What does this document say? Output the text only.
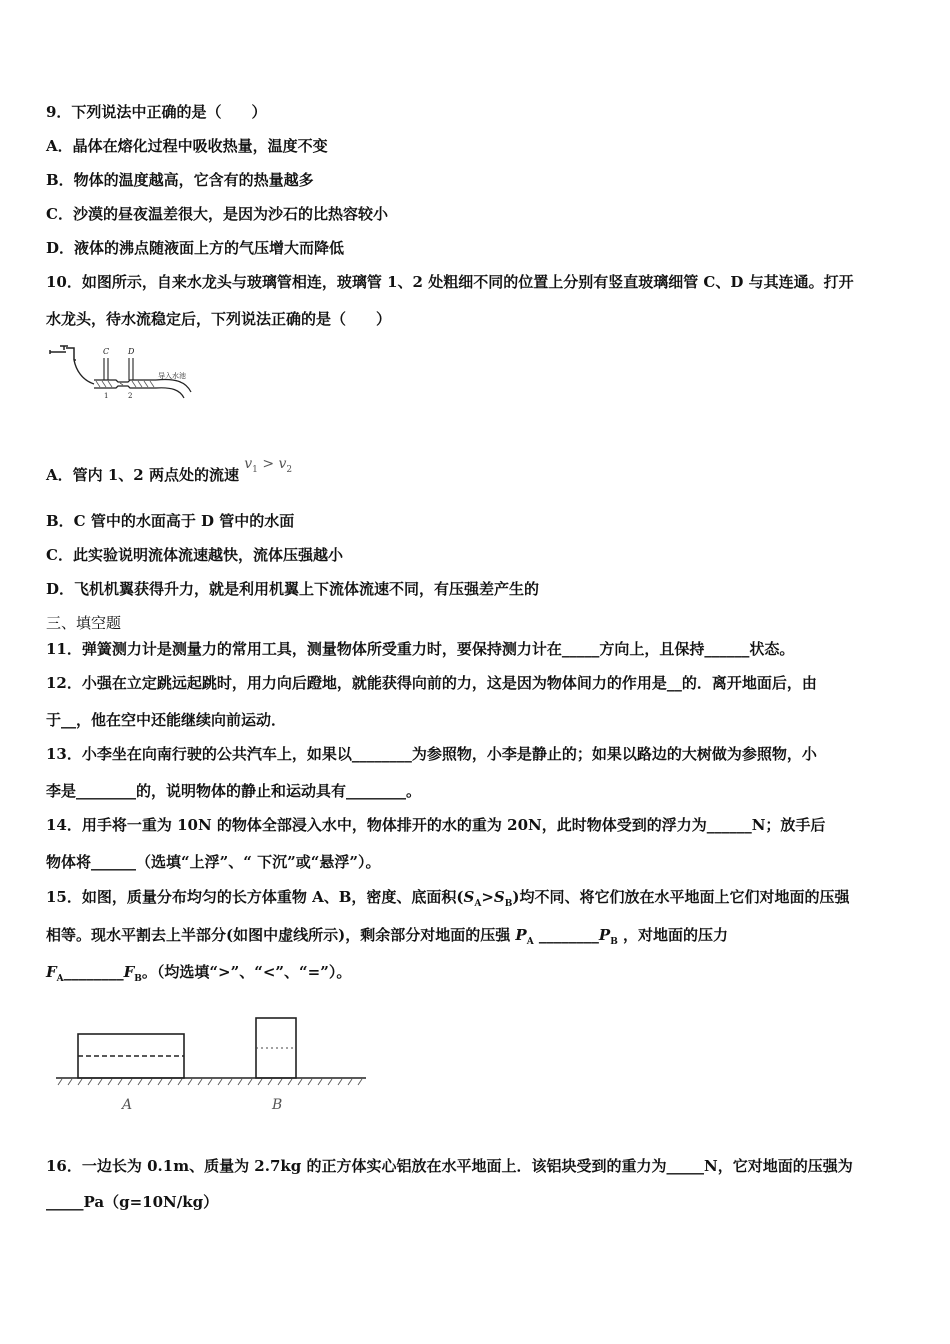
9．下列说法中正确的是（　　）
A．晶体在熔化过程中吸收热量，温度不变
B．物体的温度越高，它含有的热量越多
C．沙漠的昼夜温差很大，是因为沙石的比热容较小
D．液体的沸点随液面上方的气压增大而降低
10．如图所示，自来水龙头与玻璃管相连，玻璃管 1、2 处粗细不同的位置上分别有竖直玻璃细管 C、D 与其连通。打开
水龙头，待水流稳定后，下列说法正确的是（　　）
C D
1	2
导入水池
A．管内 1、2 两点处的流速 $v_1 > v_2$
B．C 管中的水面高于 D 管中的水面
C．此实验说明流体流速越快，流体压强越小
D．飞机机翼获得升力，就是利用机翼上下流体流速不同，有压强差产生的
三、填空题
11．弹簧测力计是测量力的常用工具，测量物体所受重力时，要保持测力计在_____方向上，且保持______状态。
12．小强在立定跳远起跳时，用力向后蹬地，就能获得向前的力，这是因为物体间力的作用是__的．离开地面后，由
于__，他在空中还能继续向前运动．
13．小李坐在向南行驶的公共汽车上，如果以________为参照物，小李是静止的；如果以路边的大树做为参照物，小
李是________的，说明物体的静止和运动具有________。
14．用手将一重为 10N 的物体全部浸入水中，物体排开的水的重为 20N，此时物体受到的浮力为______N；放手后
物体将______（选填“上浮”、“ 下沉”或“悬浮”）。
15．如图，质量分布均匀的长方体重物 A、B，密度、底面积$(S_A>S_B)$均不同、将它们放在水平地面上它们对地面的压强
相等。现水平割去上半部分(如图中虚线所示)，剩余部分对地面的压强 $P_A$ $\_\_\_\_\_\_\_\_P_B$ ，对地面的压力
$F_A\_\_\_\_\_\_\_\_F_B$。（均选填“>”、“<”、“=”）。
A	B
16．一边长为 0.1m、质量为 2.7kg 的正方体实心铝放在水平地面上．该铝块受到的重力为_____N，它对地面的压强为
_____Pa（g=10N/kg）
